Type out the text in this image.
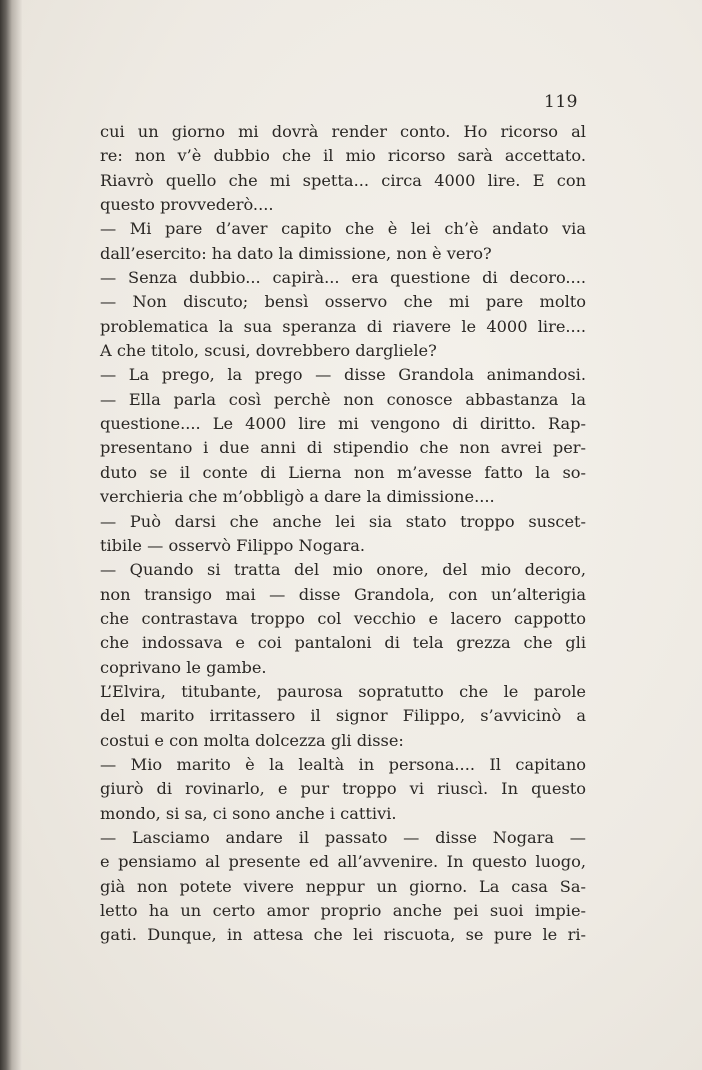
119
cui un giorno mi dovrà render conto. Ho ricorso al
re: non v’è dubbio che il mio ricorso sarà accettato.
Riavrò quello che mi spetta... circa 4000 lire. E con
questo provvederò....
— Mi pare d’aver capito che è lei ch’è andato via
dall’esercito: ha dato la dimissione, non è vero?
— Senza dubbio... capirà... era questione di decoro....
— Non discuto; bensì osservo che mi pare molto
problematica la sua speranza di riavere le 4000 lire....
A che titolo, scusi, dovrebbero dargliele?
— La prego, la prego — disse Grandola animandosi.
— Ella parla così perchè non conosce abbastanza la
questione.... Le 4000 lire mi vengono di diritto. Rap-
presentano i due anni di stipendio che non avrei per-
duto se il conte di Lierna non m’avesse fatto la so-
verchieria che m’obbligò a dare la dimissione....
— Può darsi che anche lei sia stato troppo suscet-
tibile — osservò Filippo Nogara.
— Quando si tratta del mio onore, del mio decoro,
non transigo mai — disse Grandola, con un’alterigia
che contrastava troppo col vecchio e lacero cappotto
che indossava e coi pantaloni di tela grezza che gli
coprivano le gambe.
L’Elvira, titubante, paurosa sopratutto che le parole
del marito irritassero il signor Filippo, s’avvicinò a
costui e con molta dolcezza gli disse:
— Mio marito è la lealtà in persona.... Il capitano
giurò di rovinarlo, e pur troppo vi riuscì. In questo
mondo, si sa, ci sono anche i cattivi.
— Lasciamo andare il passato — disse Nogara —
e pensiamo al presente ed all’avvenire. In questo luogo,
già non potete vivere neppur un giorno. La casa Sa-
letto ha un certo amor proprio anche pei suoi impie-
gati. Dunque, in attesa che lei riscuota, se pure le ri-
